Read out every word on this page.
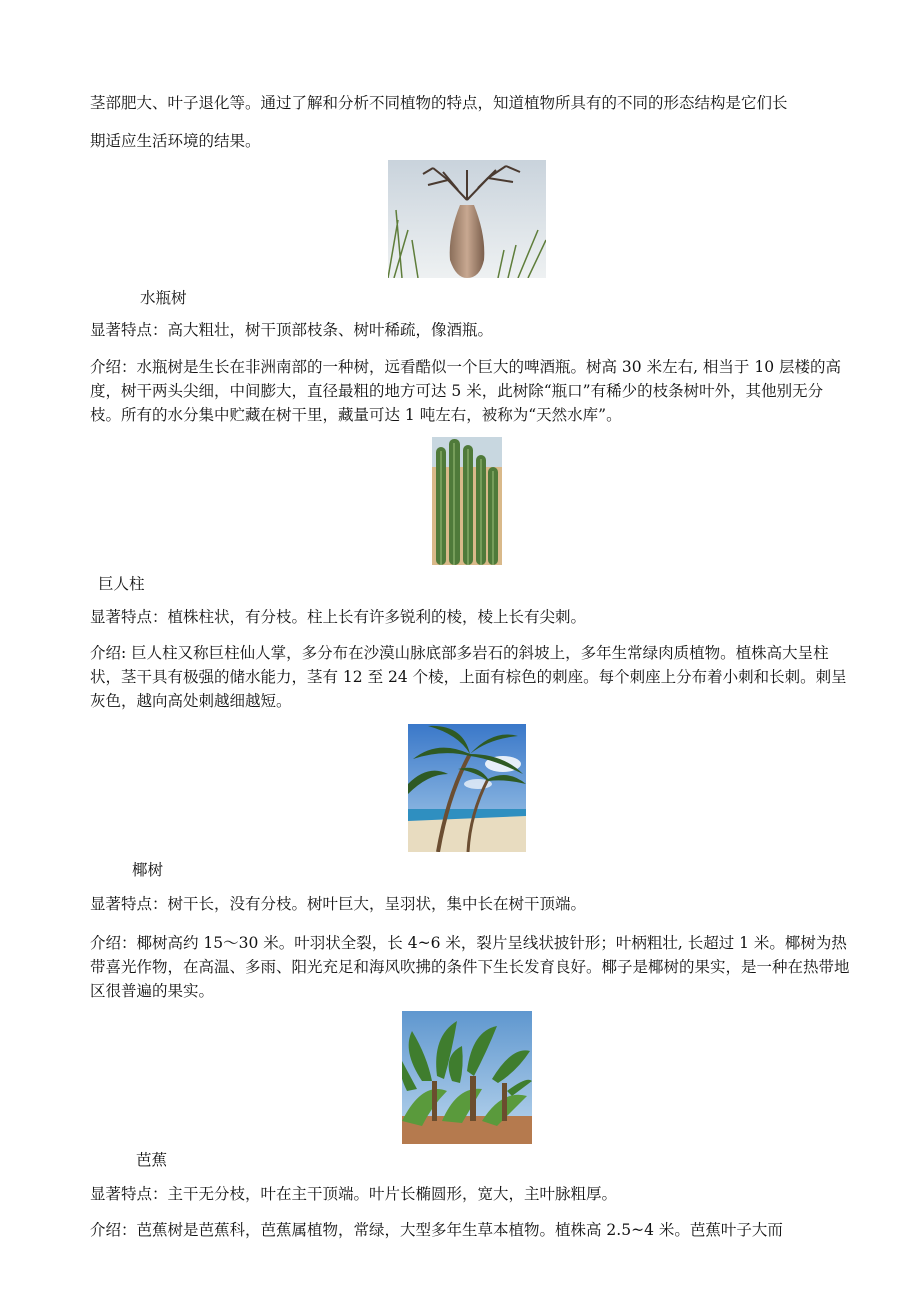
茎部肥大、叶子退化等。通过了解和分析不同植物的特点，知道植物所具有的不同的形态结构是它们长

期适应生活环境的结果。

水瓶树

显著特点：高大粗壮，树干顶部枝条、树叶稀疏，像酒瓶。

介绍：水瓶树是生长在非洲南部的一种树，远看酷似一个巨大的啤酒瓶。树高 30 米左右, 相当于 10 层楼的高度，树干两头尖细，中间膨大，直径最粗的地方可达 5 米，此树除“瓶口”有稀少的枝条树叶外，其他别无分枝。所有的水分集中贮藏在树干里，藏量可达 1 吨左右，被称为“天然水库”。

巨人柱

显著特点：植株柱状，有分枝。柱上长有许多锐利的棱，棱上长有尖刺。

介绍: 巨人柱又称巨柱仙人掌，多分布在沙漠山脉底部多岩石的斜坡上，多年生常绿肉质植物。植株高大呈柱状，茎干具有极强的储水能力，茎有 12 至 24 个棱，上面有棕色的刺座。每个刺座上分布着小刺和长刺。刺呈灰色，越向高处刺越细越短。

椰树

显著特点：树干长，没有分枝。树叶巨大，呈羽状，集中长在树干顶端。

介绍：椰树高约 15～30 米。叶羽状全裂，长 4~6 米，裂片呈线状披针形；叶柄粗壮, 长超过 1 米。椰树为热带喜光作物，在高温、多雨、阳光充足和海风吹拂的条件下生长发育良好。椰子是椰树的果实，是一种在热带地区很普遍的果实。

芭蕉

显著特点：主干无分枝，叶在主干顶端。叶片长椭圆形，宽大，主叶脉粗厚。

介绍：芭蕉树是芭蕉科，芭蕉属植物，常绿，大型多年生草本植物。植株高 2.5~4 米。芭蕉叶子大而
